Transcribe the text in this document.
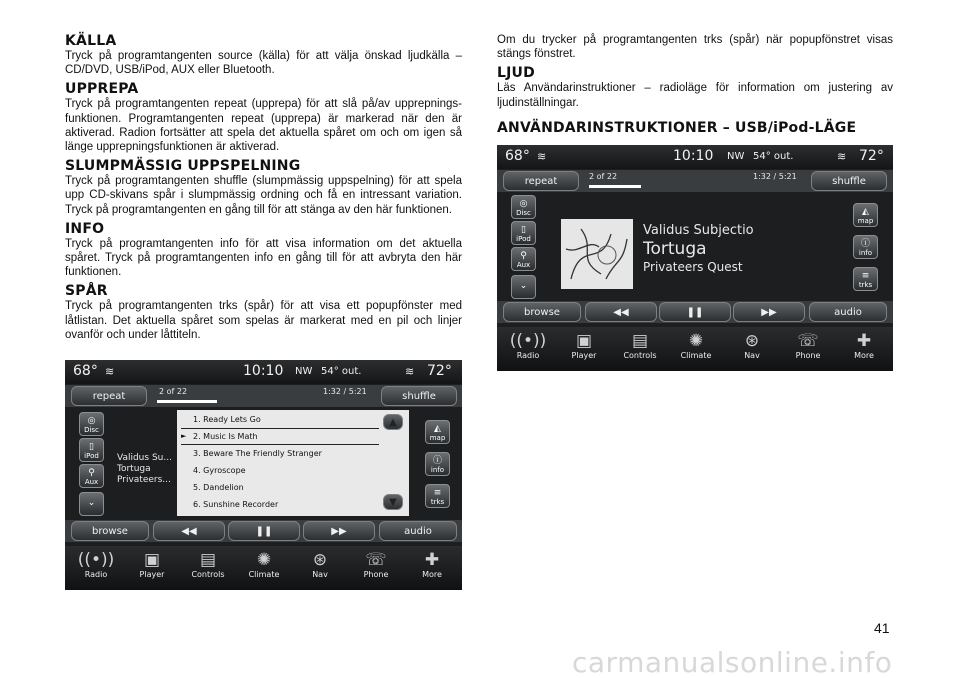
KÄLLA
Tryck på programtangenten source (källa) för att välja önskad ljudkälla – CD/DVD, USB/iPod, AUX eller Bluetooth.
UPPREPA
Tryck på programtangenten repeat (upprepa) för att slå på/av upprepnings-funktionen. Programtangenten repeat (upprepa) är markerad när den är aktiverad. Radion fortsätter att spela det aktuella spåret om och om igen så länge upprepningsfunktionen är aktiverad.
SLUMPMÄSSIG UPPSPELNING
Tryck på programtangenten shuffle (slumpmässig uppspelning) för att spela upp CD-skivans spår i slumpmässig ordning och få en intressant variation. Tryck på programtangenten en gång till för att stänga av den här funktionen.
INFO
Tryck på programtangenten info för att visa information om det aktuella spåret. Tryck på programtangenten info en gång till för att avbryta den här funktionen.
SPÅR
Tryck på programtangenten trks (spår) för att visa ett popupfönster med låtlistan. Det aktuella spåret som spelas är markerat med en pil och linjer ovanför och under låttiteln.
Om du trycker på programtangenten trks (spår) när popupfönstret visas stängs fönstret.
LJUD
Läs Användarinstruktioner – radioläge för information om justering av ljudinställningar.
ANVÄNDARINSTRUKTIONER – USB/iPod-LÄGE
68° ≋	10:10 NW 54° out.	≋ 72°
repeat	2 of 22	1:32 / 5:21	shuffle
◎
Disc
▯
iPod
⚲
Aux
⌄
Validus Su...
Tortuga
Privateers...
1. Ready Lets Go
► 2. Music Is Math
3. Beware The Friendly Stranger
4. Gyroscope
5. Dandelion
6. Sunshine Recorder
▲
▼
◭
map
ⓘ
info
≡
trks
browse	◀◀	❚❚	▶▶	audio
((•))
Radio
▣
Player
▤
Controls
✺
Climate
⊛
Nav
☏
Phone
✚
More
68° ≋	10:10 NW 54° out.	≋ 72°
repeat	2 of 22	1:32 / 5:21	shuffle
◎
Disc
▯
iPod
⚲
Aux
⌄
Validus Subjectio
Tortuga
Privateers Quest
◭
map
ⓘ
info
≡
trks
browse	◀◀	❚❚	▶▶	audio
((•))
Radio
▣
Player
▤
Controls
✺
Climate
⊛
Nav
☏
Phone
✚
More
41
carmanualsonline.info
